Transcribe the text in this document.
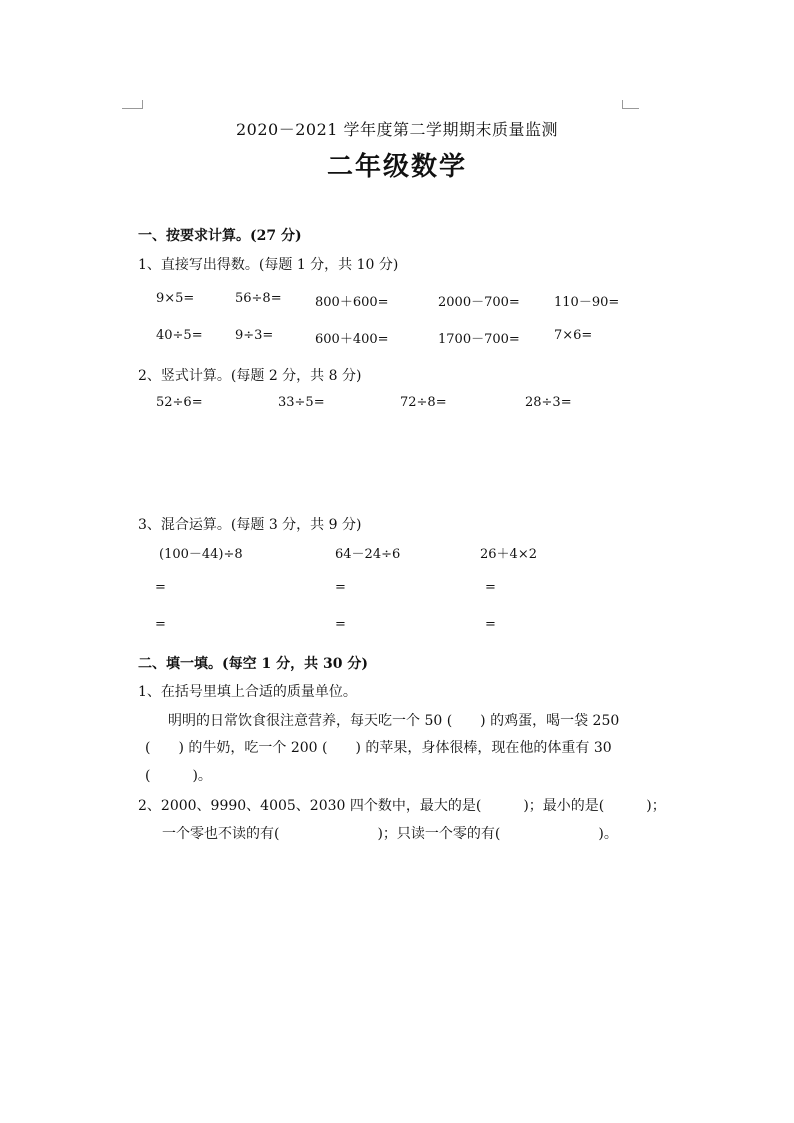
2020－2021 学年度第二学期期末质量监测
二年级数学
一、按要求计算。(27 分)
1、直接写出得数。(每题 1 分，共 10 分)
9×5=	56÷8=	800＋600=	2000－700=	110－90=
40÷5= 9÷3=	600＋400=	1700－700=	7×6=
2、竖式计算。(每题 2 分，共 8 分)
52÷6=	33÷5=	72÷8=	28÷3=
3、混合运算。(每题 3 分，共 9 分)
(100－44)÷8	64－24÷6	26＋4×2
=	=	=
=	=	=
二、填一填。(每空 1 分，共 30 分)
1、在括号里填上合适的质量单位。
明明的日常饮食很注意营养，每天吃一个 50 (　　) 的鸡蛋，喝一袋 250
(　　) 的牛奶，吃一个 200 (　　) 的苹果，身体很棒，现在他的体重有 30
(　　　)。
2、2000、9990、4005、2030 四个数中，最大的是(　　　)；最小的是(　　　)；
一个零也不读的有(　　　　　　　)；只读一个零的有(　　　　　　　)。
